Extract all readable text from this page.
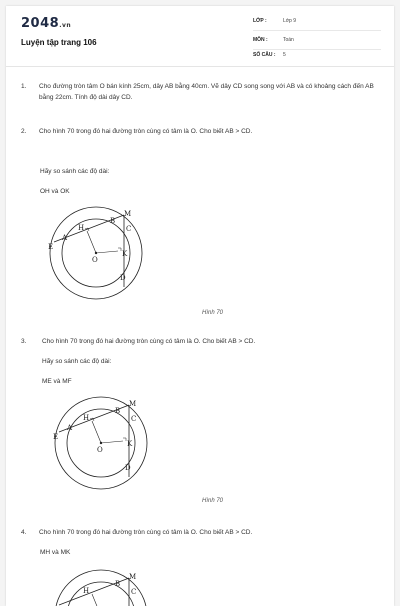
2048.vn
Luyện tập trang 106
LỚP :	Lớp 9
MÔN :	Toán
SỐ CÂU : 5
1.	Cho đường tròn tâm O bán kính 25cm, dây AB bằng 40cm. Vẽ dây CD song song với AB và có khoảng cách đến AB bằng 22cm. Tính độ dài dây CD.
2.	Cho hình 70 trong đó hai đường tròn cùng có tâm là O. Cho biết AB > CD.
Hãy so sánh các độ dài:
OH và OK
E
A
H
B
M
C
O
K
D
Hình 70
3.	Cho hình 70 trong đó hai đường tròn cùng có tâm là O. Cho biết AB > CD.
Hãy so sánh các độ dài:
ME và MF
E
A
H
B
M
C
O
K
D
Hình 70
4.	Cho hình 70 trong đó hai đường tròn cùng có tâm là O. Cho biết AB > CD.
MH và MK
H
B
M
C
